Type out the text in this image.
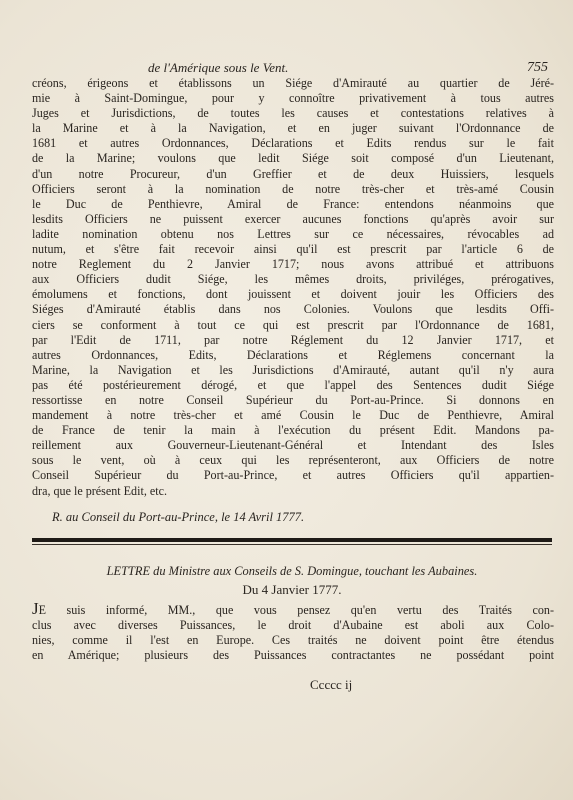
de l'Amérique sous le Vent.	755
créons, érigeons et établissons un Siége d'Amirauté au quartier de Jéré-
mie à Saint-Domingue, pour y connoître privativement à tous autres
Juges et Jurisdictions, de toutes les causes et contestations relatives à
la Marine et à la Navigation, et en juger suivant l'Ordonnance de
1681 et autres Ordonnances, Déclarations et Edits rendus sur le fait
de la Marine; voulons que ledit Siége soit composé d'un Lieutenant,
d'un notre Procureur, d'un Greffier et de deux Huissiers, lesquels
Officiers seront à la nomination de notre très-cher et très-amé Cousin
le Duc de Penthievre, Amiral de France: entendons néanmoins que
lesdits Officiers ne puissent exercer aucunes fonctions qu'après avoir sur
ladite nomination obtenu nos Lettres sur ce nécessaires, révocables ad
nutum, et s'être fait recevoir ainsi qu'il est prescrit par l'article 6 de
notre Reglement du 2 Janvier 1717; nous avons attribué et attribuons
aux Officiers dudit Siége, les mêmes droits, priviléges, prérogatives,
émolumens et fonctions, dont jouissent et doivent jouir les Officiers des
Siéges d'Amirauté établis dans nos Colonies. Voulons que lesdits Offi-
ciers se conforment à tout ce qui est prescrit par l'Ordonnance de 1681,
par l'Edit de 1711, par notre Réglement du 12 Janvier 1717, et
autres Ordonnances, Edits, Déclarations et Réglemens concernant la
Marine, la Navigation et les Jurisdictions d'Amirauté, autant qu'il n'y aura
pas été postérieurement dérogé, et que l'appel des Sentences dudit Siége
ressortisse en notre Conseil Supérieur du Port-au-Prince. Si donnons en
mandement à notre très-cher et amé Cousin le Duc de Penthievre, Amiral
de France de tenir la main à l'exécution du présent Edit. Mandons pa-
reillement aux Gouverneur-Lieutenant-Général et Intendant des Isles
sous le vent, où à ceux qui les représenteront, aux Officiers de notre
Conseil Supérieur du Port-au-Prince, et autres Officiers qu'il appartien-
dra, que le présent Edit, etc.
R. au Conseil du Port-au-Prince, le 14 Avril 1777.
LETTRE du Ministre aux Conseils de S. Domingue, touchant les Aubaines.
Du 4 Janvier 1777.
JE suis informé, MM., que vous pensez qu'en vertu des Traités con-
clus avec diverses Puissances, le droit d'Aubaine est aboli aux Colo-
nies, comme il l'est en Europe. Ces traités ne doivent point être étendus
en Amérique; plusieurs des Puissances contractantes ne possédant point
Ccccc ij
